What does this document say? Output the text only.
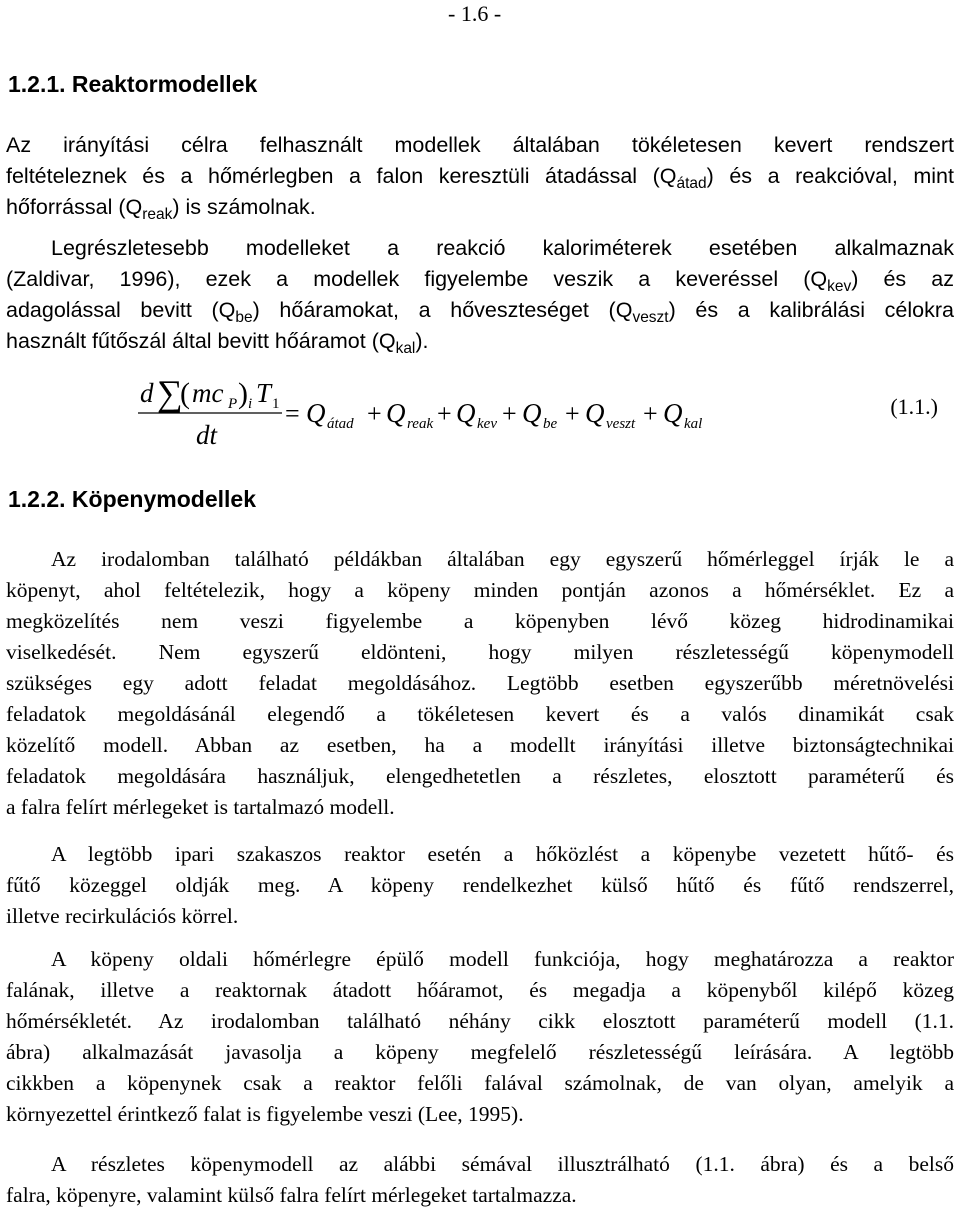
- 1.6 -
1.2.1. Reaktormodellek
Az irányítási célra felhasznált modellek általában tökéletesen kevert rendszert
feltételeznek és a hőmérlegben a falon keresztüli átadással $(Q_{átad})$ és a reakcióval, mint
hőforrással $(Q_{reak})$ is számolnak.
Legrészletesebb modelleket a reakció kaloriméterek esetében alkalmaznak
(Zaldivar, 1996), ezek a modellek figyelembe veszik a keveréssel $(Q_{kev})$ és az
adagolással bevitt $(Q_{be})$ hőáramokat, a hőveszteséget $(Q_{veszt})$ és a kalibrálási célokra
használt fűtőszál által bevitt hőáramot $(Q_{kal})$.
d ∑
( mc P ) i T 1
dt
= Q átad + Q reak + Q kev + Q be + Q veszt + Q kal
(1.1.)
1.2.2. Köpenymodellek
Az irodalomban található példákban általában egy egyszerű hőmérleggel írják le a
köpenyt, ahol feltételezik, hogy a köpeny minden pontján azonos a hőmérséklet. Ez a
megközelítés nem veszi figyelembe a köpenyben lévő közeg hidrodinamikai
viselkedését. Nem egyszerű eldönteni, hogy milyen részletességű köpenymodell
szükséges egy adott feladat megoldásához. Legtöbb esetben egyszerűbb méretnövelési
feladatok megoldásánál elegendő a tökéletesen kevert és a valós dinamikát csak
közelítő modell. Abban az esetben, ha a modellt irányítási illetve biztonságtechnikai
feladatok megoldására használjuk, elengedhetetlen a részletes, elosztott paraméterű és
a falra felírt mérlegeket is tartalmazó modell.
A legtöbb ipari szakaszos reaktor esetén a hőközlést a köpenybe vezetett hűtő- és
fűtő közeggel oldják meg. A köpeny rendelkezhet külső hűtő és fűtő rendszerrel,
illetve recirkulációs körrel.
A köpeny oldali hőmérlegre épülő modell funkciója, hogy meghatározza a reaktor
falának, illetve a reaktornak átadott hőáramot, és megadja a köpenyből kilépő közeg
hőmérsékletét. Az irodalomban található néhány cikk elosztott paraméterű modell (1.1.
ábra) alkalmazását javasolja a köpeny megfelelő részletességű leírására. A legtöbb
cikkben a köpenynek csak a reaktor felőli falával számolnak, de van olyan, amelyik a
környezettel érintkező falat is figyelembe veszi (Lee, 1995).
A részletes köpenymodell az alábbi sémával illusztrálható (1.1. ábra) és a belső
falra, köpenyre, valamint külső falra felírt mérlegeket tartalmazza.
